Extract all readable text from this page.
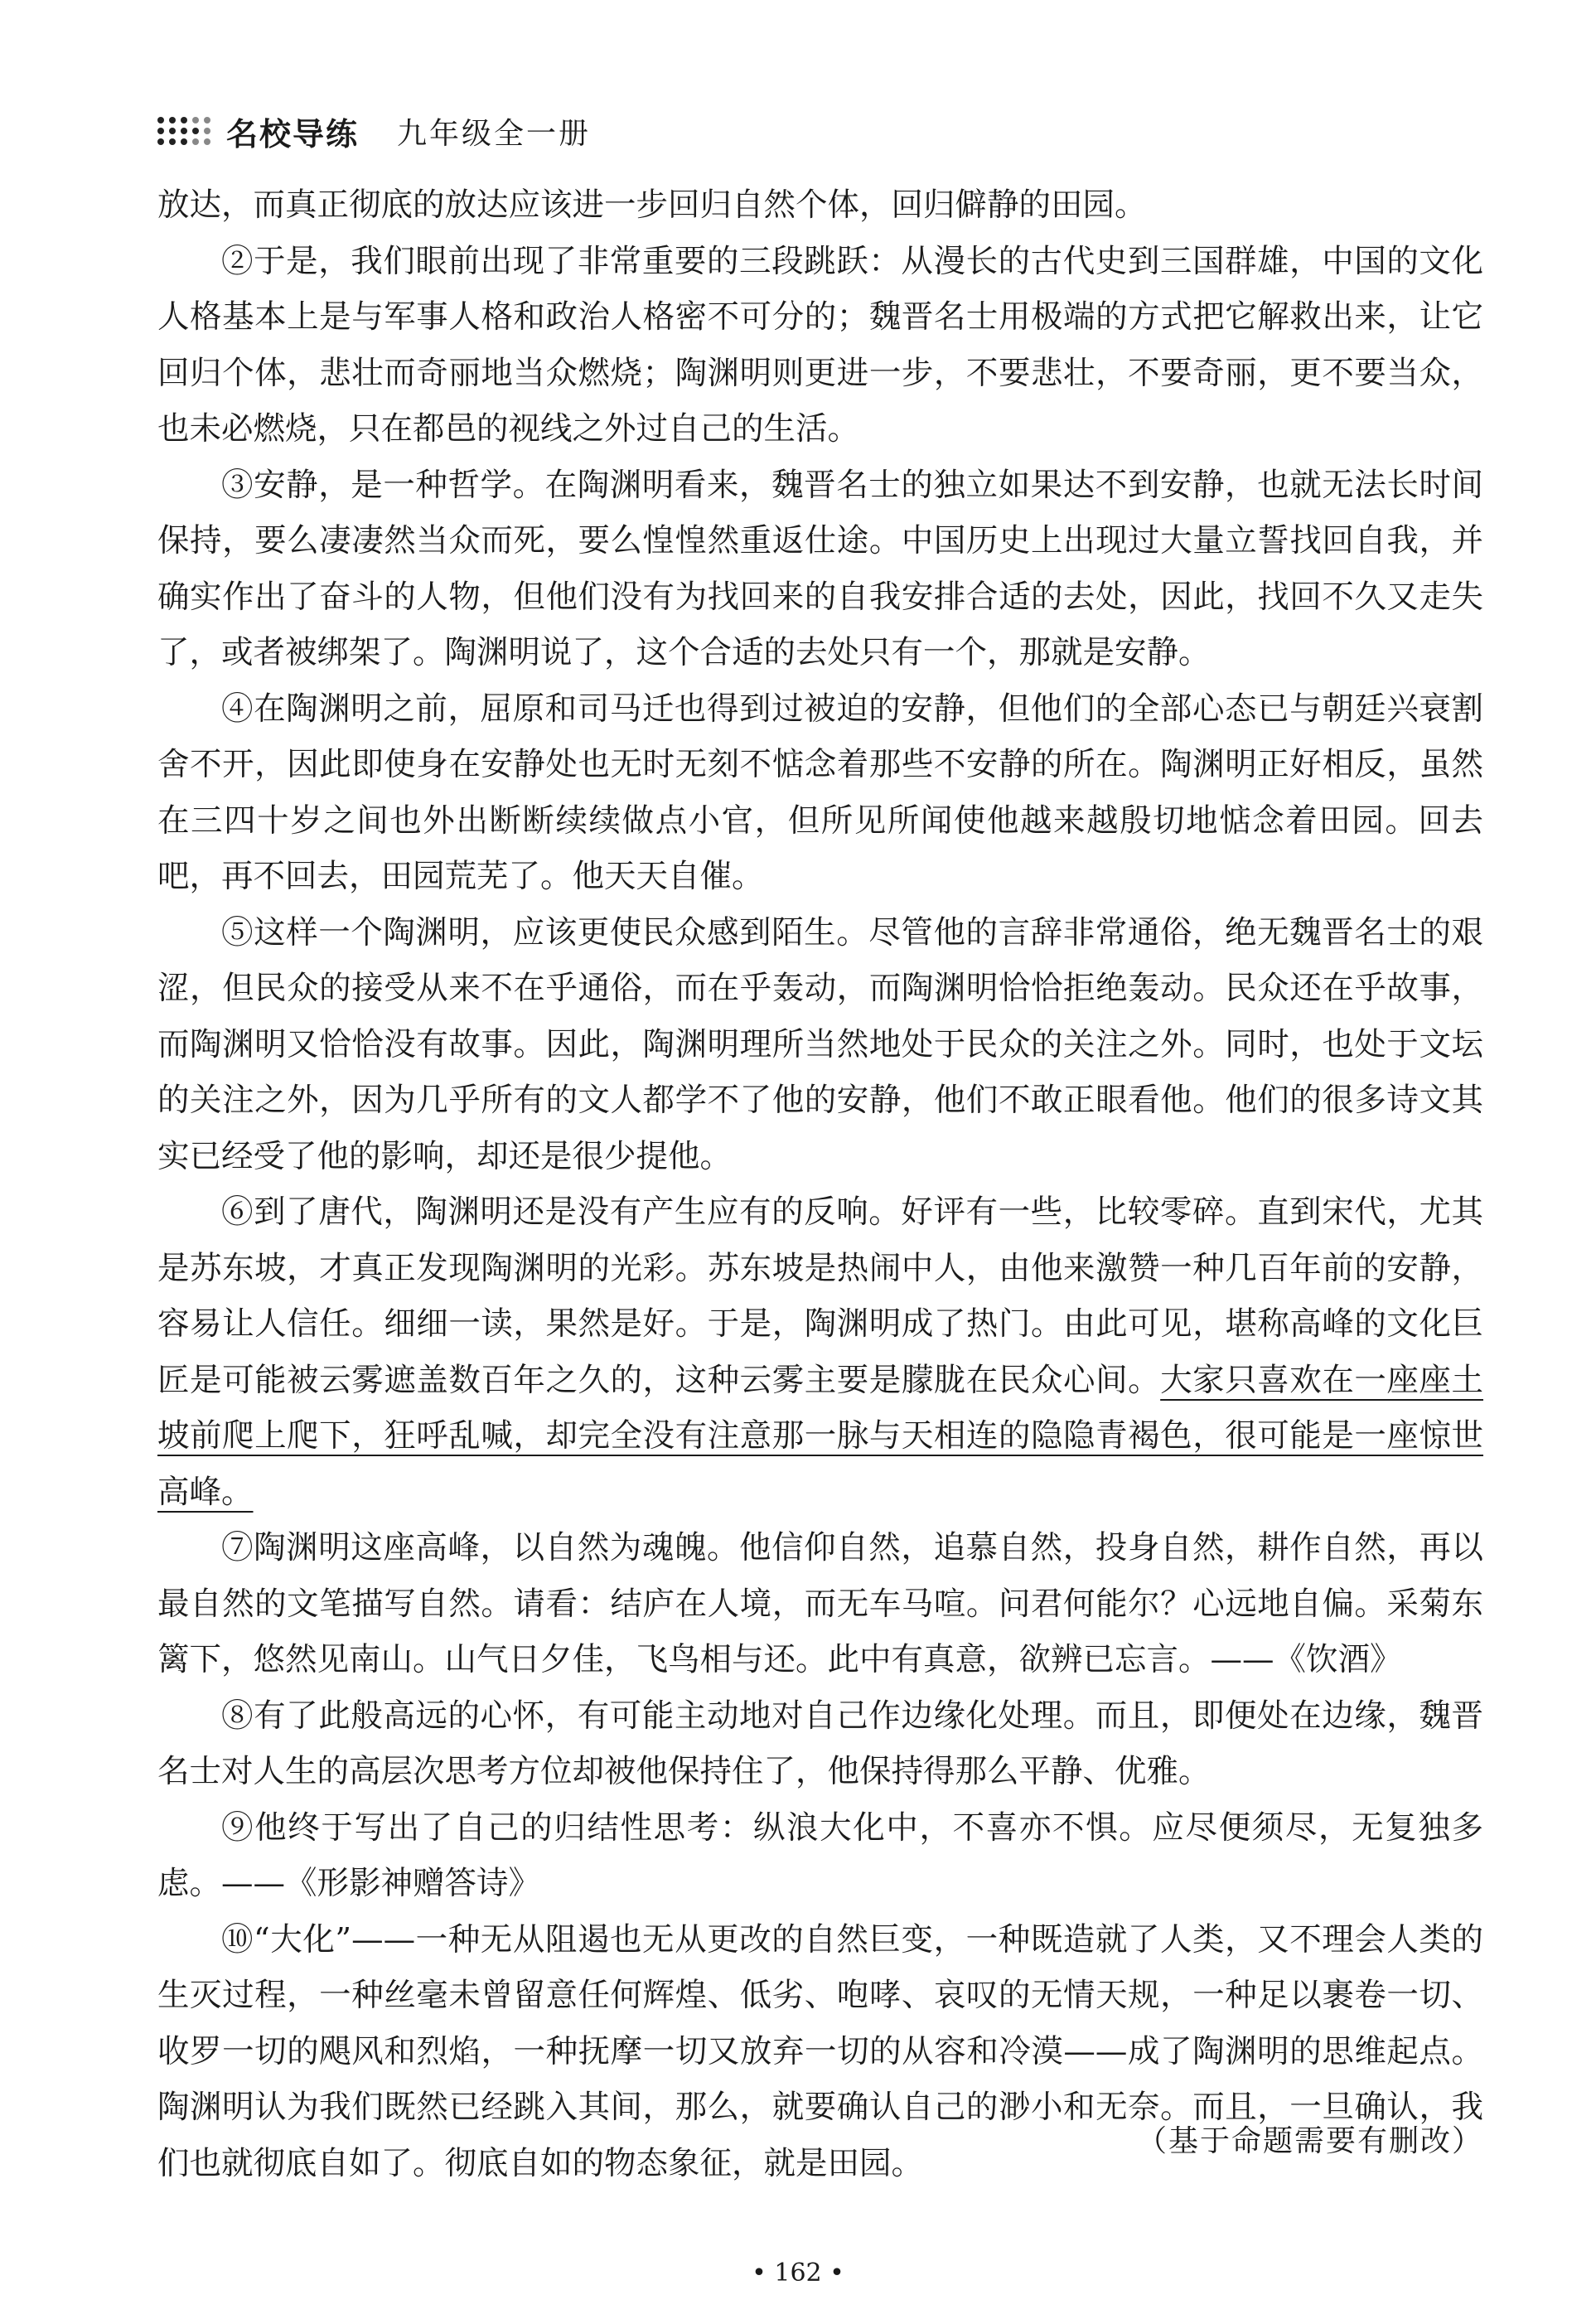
名校导练 九年级全一册

放达，而真正彻底的放达应该进一步回归自然个体，回归僻静的田园。

②于是，我们眼前出现了非常重要的三段跳跃：从漫长的古代史到三国群雄，中国的文化人格基本上是与军事人格和政治人格密不可分的；魏晋名士用极端的方式把它解救出来，让它回归个体，悲壮而奇丽地当众燃烧；陶渊明则更进一步，不要悲壮，不要奇丽，更不要当众，也未必燃烧，只在都邑的视线之外过自己的生活。

③安静，是一种哲学。在陶渊明看来，魏晋名士的独立如果达不到安静，也就无法长时间保持，要么凄凄然当众而死，要么惶惶然重返仕途。中国历史上出现过大量立誓找回自我，并确实作出了奋斗的人物，但他们没有为找回来的自我安排合适的去处，因此，找回不久又走失了，或者被绑架了。陶渊明说了，这个合适的去处只有一个，那就是安静。

④在陶渊明之前，屈原和司马迁也得到过被迫的安静，但他们的全部心态已与朝廷兴衰割舍不开，因此即使身在安静处也无时无刻不惦念着那些不安静的所在。陶渊明正好相反，虽然在三四十岁之间也外出断断续续做点小官，但所见所闻使他越来越殷切地惦念着田园。回去吧，再不回去，田园荒芜了。他天天自催。

⑤这样一个陶渊明，应该更使民众感到陌生。尽管他的言辞非常通俗，绝无魏晋名士的艰涩，但民众的接受从来不在乎通俗，而在乎轰动，而陶渊明恰恰拒绝轰动。民众还在乎故事，而陶渊明又恰恰没有故事。因此，陶渊明理所当然地处于民众的关注之外。同时，也处于文坛的关注之外，因为几乎所有的文人都学不了他的安静，他们不敢正眼看他。他们的很多诗文其实已经受了他的影响，却还是很少提他。

⑥到了唐代，陶渊明还是没有产生应有的反响。好评有一些，比较零碎。直到宋代，尤其是苏东坡，才真正发现陶渊明的光彩。苏东坡是热闹中人，由他来激赞一种几百年前的安静，容易让人信任。细细一读，果然是好。于是，陶渊明成了热门。由此可见，堪称高峰的文化巨匠是可能被云雾遮盖数百年之久的，这种云雾主要是朦胧在民众心间。大家只喜欢在一座座土坡前爬上爬下，狂呼乱喊，却完全没有注意那一脉与天相连的隐隐青褐色，很可能是一座惊世高峰。

⑦陶渊明这座高峰，以自然为魂魄。他信仰自然，追慕自然，投身自然，耕作自然，再以最自然的文笔描写自然。请看：结庐在人境，而无车马喧。问君何能尔？心远地自偏。采菊东篱下，悠然见南山。山气日夕佳，飞鸟相与还。此中有真意，欲辨已忘言。——《饮酒》

⑧有了此般高远的心怀，有可能主动地对自己作边缘化处理。而且，即便处在边缘，魏晋名士对人生的高层次思考方位却被他保持住了，他保持得那么平静、优雅。

⑨他终于写出了自己的归结性思考：纵浪大化中，不喜亦不惧。应尽便须尽，无复独多虑。——《形影神赠答诗》

⑩“大化”——一种无从阻遏也无从更改的自然巨变，一种既造就了人类，又不理会人类的生灭过程，一种丝毫未曾留意任何辉煌、低劣、咆哮、哀叹的无情天规，一种足以裹卷一切、收罗一切的飓风和烈焰，一种抚摩一切又放弃一切的从容和冷漠——成了陶渊明的思维起点。陶渊明认为我们既然已经跳入其间，那么，就要确认自己的渺小和无奈。而且，一旦确认，我们也就彻底自如了。彻底自如的物态象征，就是田园。

（基于命题需要有删改）
• 162 •
